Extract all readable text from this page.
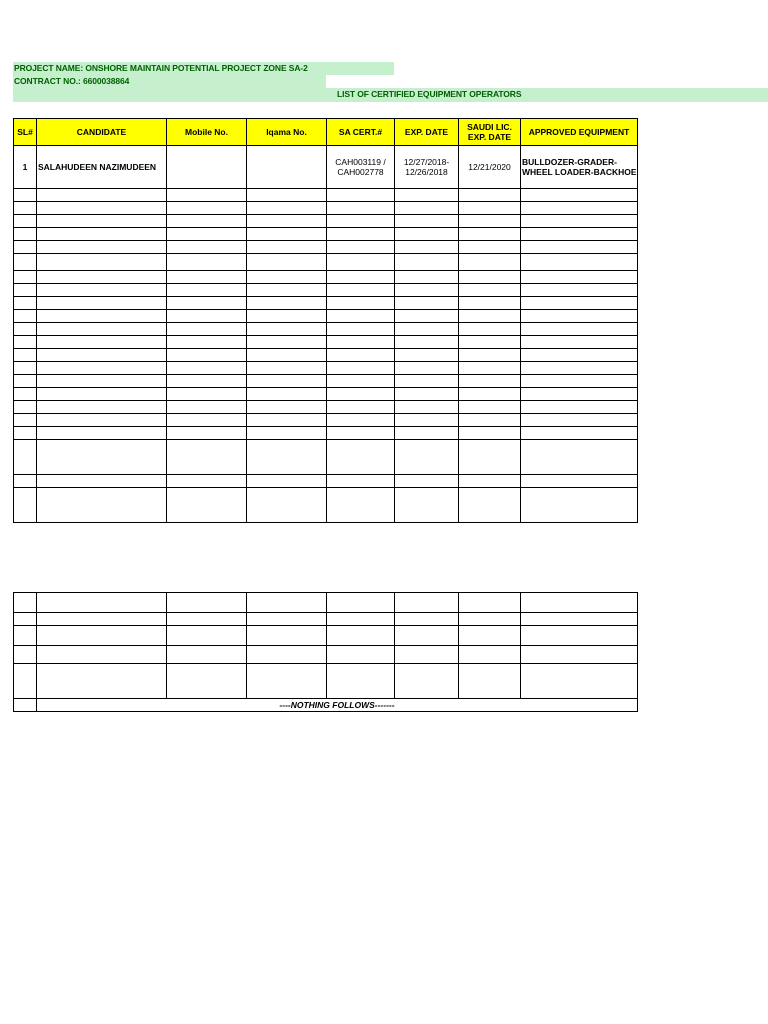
PROJECT NAME: ONSHORE MAINTAIN POTENTIAL PROJECT ZONE SA-2
CONTRACT NO.: 6600038864
LIST OF CERTIFIED EQUIPMENT OPERATORS
SL#	CANDIDATE	Mobile No.	Iqama No.	SA CERT.#	EXP. DATE	SAUDI LIC. EXP. DATE	APPROVED EQUIPMENT
1	SALAHUDEEN NAZIMUDEEN			CAH003119 / CAH002778	12/27/2018- 12/26/2018	12/21/2020	BULLDOZER-GRADER- WHEEL LOADER-BACKHOE

	----NOTHING FOLLOWS-------						
